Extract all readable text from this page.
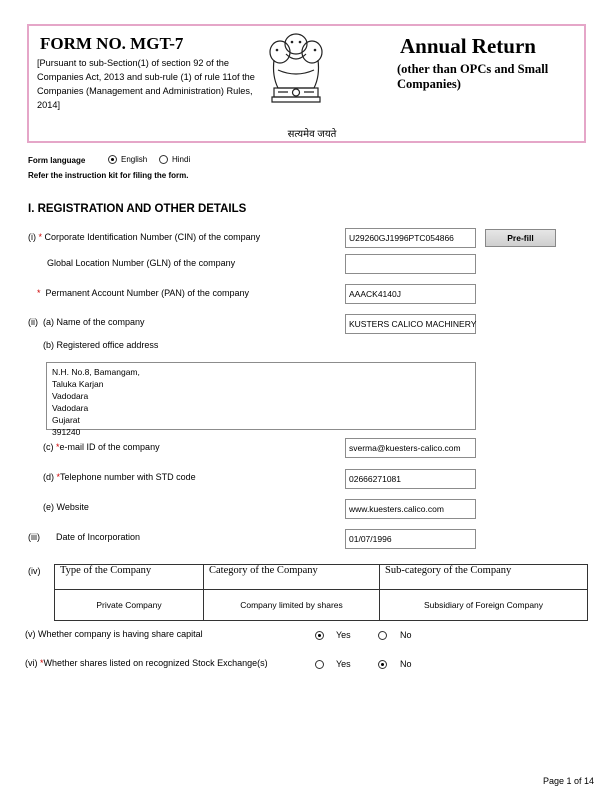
FORM NO. MGT-7
[Pursuant to sub-Section(1) of section 92 of the Companies Act, 2013 and sub-rule (1) of rule 11of the Companies (Management and Administration) Rules, 2014]
सत्यमेव जयते
Annual Return
(other than OPCs and Small Companies)
Form language	English	Hindi
Refer the instruction kit for filing the form.
I. REGISTRATION AND OTHER DETAILS
(i) * Corporate Identification Number (CIN) of the company	U29260GJ1996PTC054866	Pre-fill
Global Location Number (GLN) of the company
* Permanent Account Number (PAN) of the company	AAACK4140J
(ii) (a) Name of the company	KUSTERS CALICO MACHINERY
(b) Registered office address
N.H. No.8, Bamangam,
Taluka Karjan
Vadodara
Vadodara
Gujarat
391240
(c) *e-mail ID of the company	sverma@kuesters-calico.com
(d) *Telephone number with STD code	02666271081
(e) Website	www.kuesters.calico.com
(iii) Date of Incorporation	01/07/1996
(iv) Type of the Company	Category of the Company	Sub-category of the Company
Private Company	Company limited by shares	Subsidiary of Foreign Company
(v) Whether company is having share capital	Yes	No
(vi) *Whether shares listed on recognized Stock Exchange(s)	Yes	No
Page 1 of 14
